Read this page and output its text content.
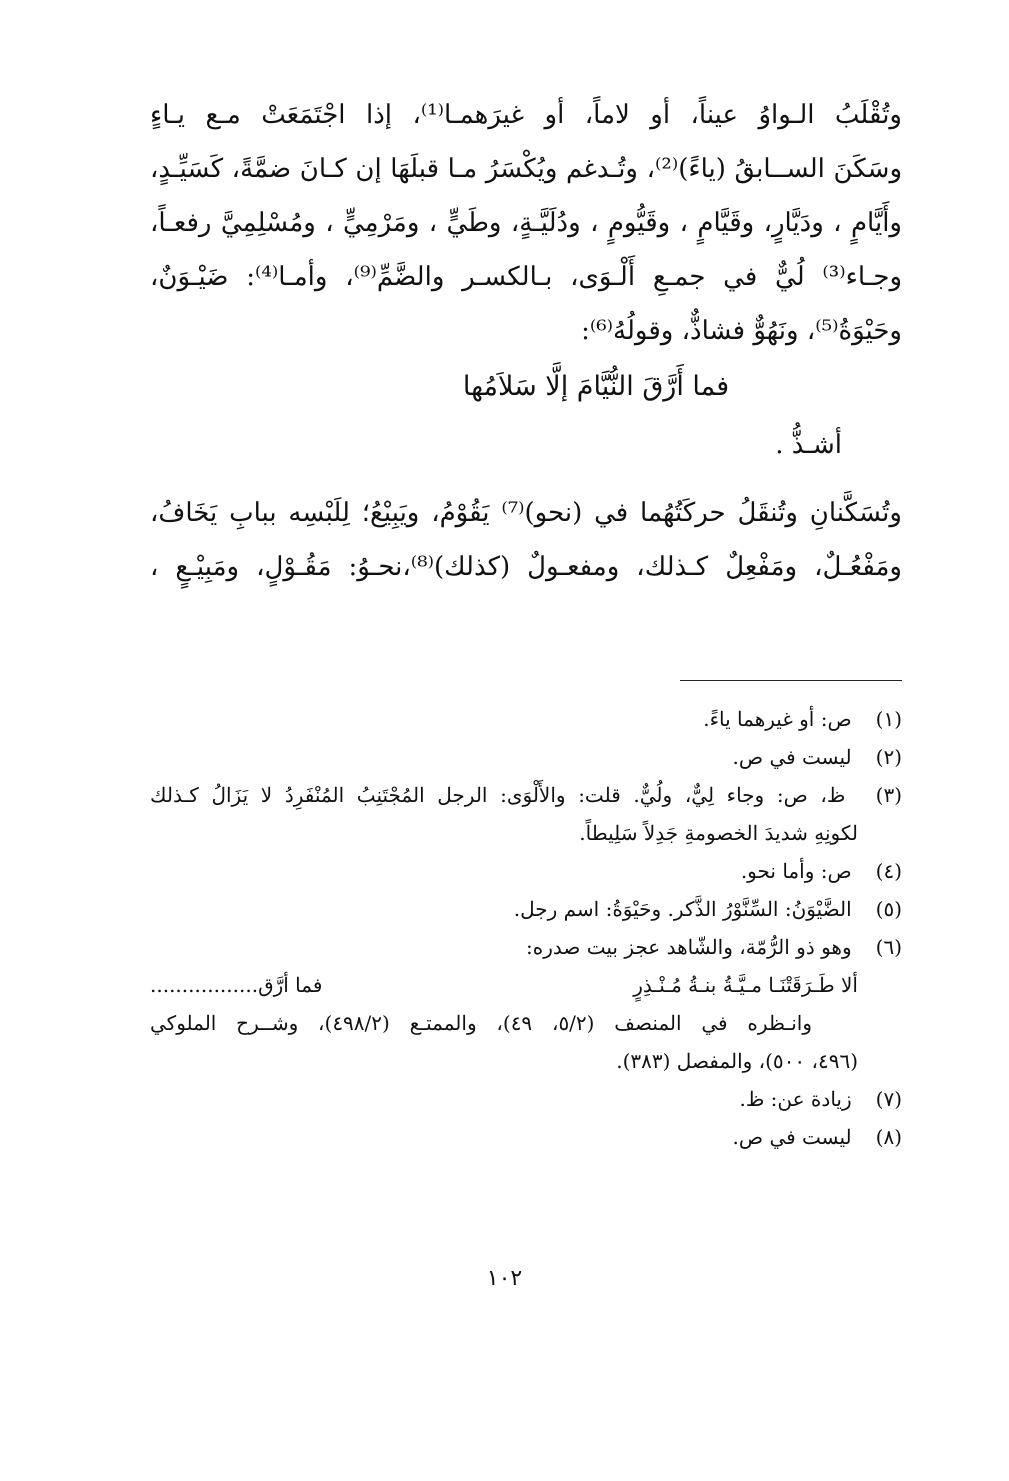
وتُقْلَبُ الـواوُ عيناً، أو لاماً، أو غيرَهمـا⁽¹⁾، إذا اجْتَمَعَتْ مـع يـاءٍ
وسَكَنَ الســابقُ (ياءً)⁽²⁾، وتُـدغم ويُكْسَرُ مـا قبلَهَا إن كـانَ ضمَّةً، كَسَيِّـدٍ،
وأَيَّامٍ ، ودَيَّارٍ، وقَيَّامٍ ، وقَيُّومٍ ، ودُلَيَّـةٍ، وطَيٍّ ، ومَرْمِيٍّ ، ومُسْلِمِيَّ رفعـاً،
وجـاء⁽³⁾ لُيٌّ في جمـعِ أَلْـوَى، بـالكسـر والضَّمِّ⁽⁹⁾، وأمـا⁽⁴⁾: ضَيْـوَنٌ،
وحَيْوَةُ⁽⁵⁾، ونَهُوٌّ فشاذٌّ، وقولُهُ⁽⁶⁾:
فما أَرَّقَ النُّيَّامَ إلَّا سَلاَمُها
أشـذُّ .
وتُسَكَّنانِ وتُنقَلُ حركَتُهُما في (نحو)⁽⁷⁾ يَقُوْمُ، ويَبِيْعُ؛ لِلَبْسِه ببابِ يَخَافُ،
ومَفْعُـلٌ، ومَفْعِلٌ كـذلك، ومفعـولٌ (كذلك)⁽⁸⁾،نحـوُ: مَقُـوْلٍ، ومَبِيْـعٍ ،
(١) ص: أو غيرهما ياءً.
(٢) ليست في ص.
(٣) ظ، ص: وجاء لِيٌّ، ولُيٌّ. قلت: والأَلْوَى: الرجل المُجْتَنِبُ المُنْفَرِدُ لا يَزَالُ كـذلك
لكونِهِ شديدَ الخصومةِ جَدِلاً سَلِيطاً.
(٤) ص: وأما نحو.
(٥) الضَّيْوَنُ: السِّنَّوْرُ الذَّكر. وحَيْوَةُ: اسم رجل.
(٦) وهو ذو الرُّمّة، والشّاهد عجز بيت صدره:
ألا طَـرَقَتْنَـا مـيَّـةُ بنـةُ مُـنْـذِرٍ
فما أرَّق.................
وانـظره في المنصف (٥/٢، ٤٩)، والممتـع (٤٩٨/٢)، وشــرح الملوكي
(٤٩٦، ٥٠٠)، والمفصل (٣٨٣).
(٧) زيادة عن: ظ.
(٨) ليست في ص.
١٠٢
